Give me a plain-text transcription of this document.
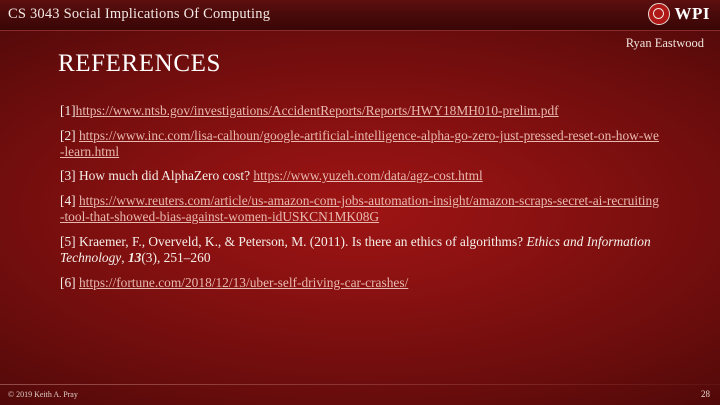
CS 3043 Social Implications Of Computing	WPI
Ryan Eastwood
REFERENCES
[1]https://www.ntsb.gov/investigations/AccidentReports/Reports/HWY18MH010-prelim.pdf
[2] https://www.inc.com/lisa-calhoun/google-artificial-intelligence-alpha-go-zero-just-pressed-reset-on-how-we-learn.html
[3] How much did AlphaZero cost? https://www.yuzeh.com/data/agz-cost.html
[4] https://www.reuters.com/article/us-amazon-com-jobs-automation-insight/amazon-scraps-secret-ai-recruiting-tool-that-showed-bias-against-women-idUSKCN1MK08G
[5] Kraemer, F., Overveld, K., & Peterson, M. (2011). Is there an ethics of algorithms? Ethics and Information Technology, 13(3), 251–260
[6] https://fortune.com/2018/12/13/uber-self-driving-car-crashes/
© 2019 Keith A. Pray	28
